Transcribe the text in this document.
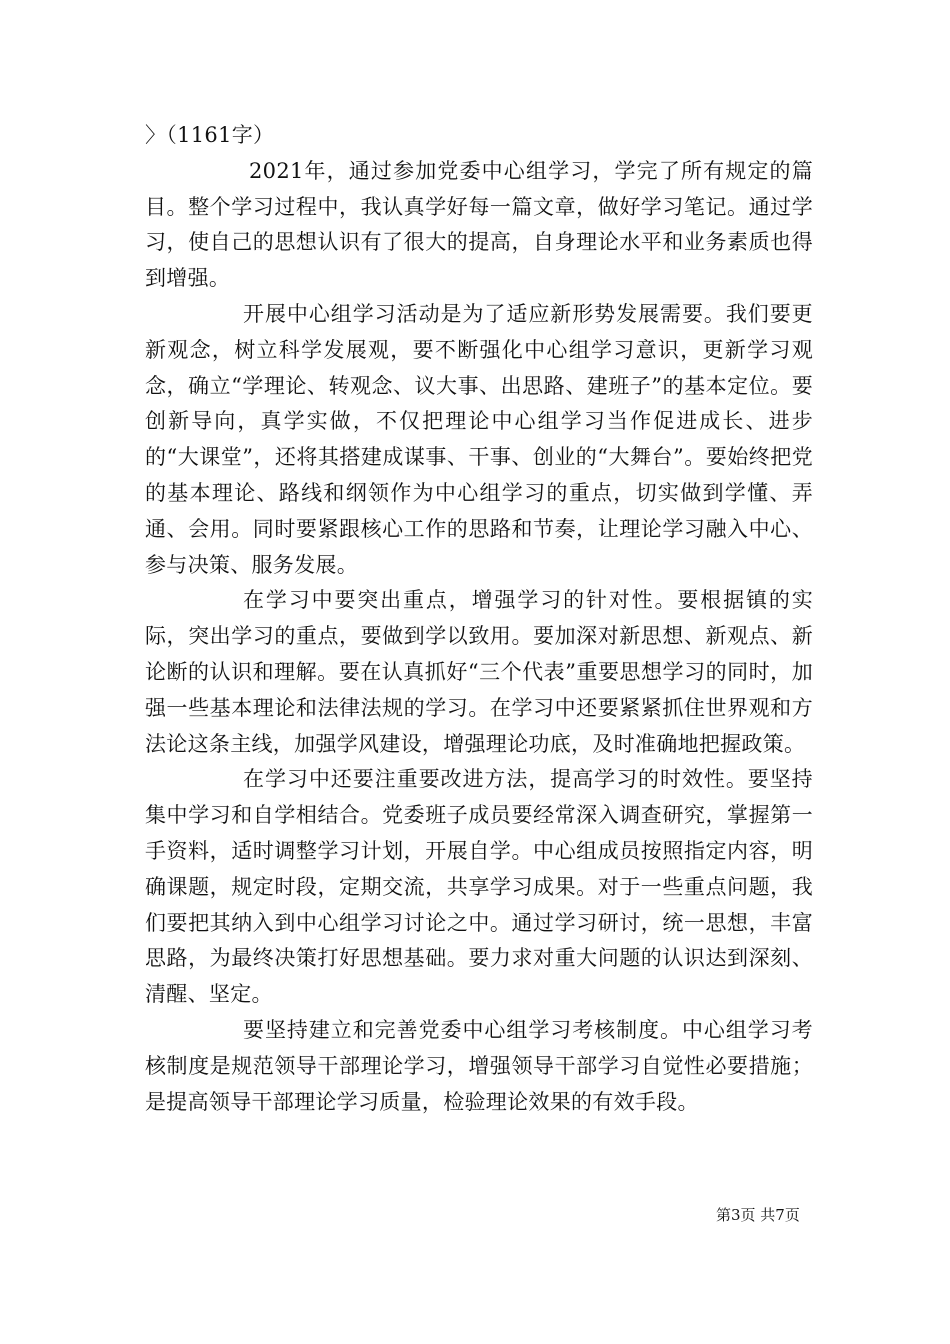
〉（1161字）

2021年，通过参加党委中心组学习，学完了所有规定的篇目。整个学习过程中，我认真学好每一篇文章，做好学习笔记。通过学习，使自己的思想认识有了很大的提高，自身理论水平和业务素质也得到增强。

开展中心组学习活动是为了适应新形势发展需要。我们要更新观念，树立科学发展观，要不断强化中心组学习意识，更新学习观念，确立“学理论、转观念、议大事、出思路、建班子”的基本定位。要创新导向，真学实做，不仅把理论中心组学习当作促进成长、进步的“大课堂”，还将其搭建成谋事、干事、创业的“大舞台”。要始终把党的基本理论、路线和纲领作为中心组学习的重点，切实做到学懂、弄通、会用。同时要紧跟核心工作的思路和节奏，让理论学习融入中心、参与决策、服务发展。

在学习中要突出重点，增强学习的针对性。要根据镇的实际，突出学习的重点，要做到学以致用。要加深对新思想、新观点、新论断的认识和理解。要在认真抓好“三个代表”重要思想学习的同时，加强一些基本理论和法律法规的学习。在学习中还要紧紧抓住世界观和方法论这条主线，加强学风建设，增强理论功底，及时准确地把握政策。

在学习中还要注重要改进方法，提高学习的时效性。要坚持集中学习和自学相结合。党委班子成员要经常深入调查研究，掌握第一手资料，适时调整学习计划，开展自学。中心组成员按照指定内容，明确课题，规定时段，定期交流，共享学习成果。对于一些重点问题，我们要把其纳入到中心组学习讨论之中。通过学习研讨，统一思想，丰富思路，为最终决策打好思想基础。要力求对重大问题的认识达到深刻、清醒、坚定。

要坚持建立和完善党委中心组学习考核制度。中心组学习考核制度是规范领导干部理论学习，增强领导干部学习自觉性必要措施；是提高领导干部理论学习质量，检验理论效果的有效手段。

第3页 共7页
